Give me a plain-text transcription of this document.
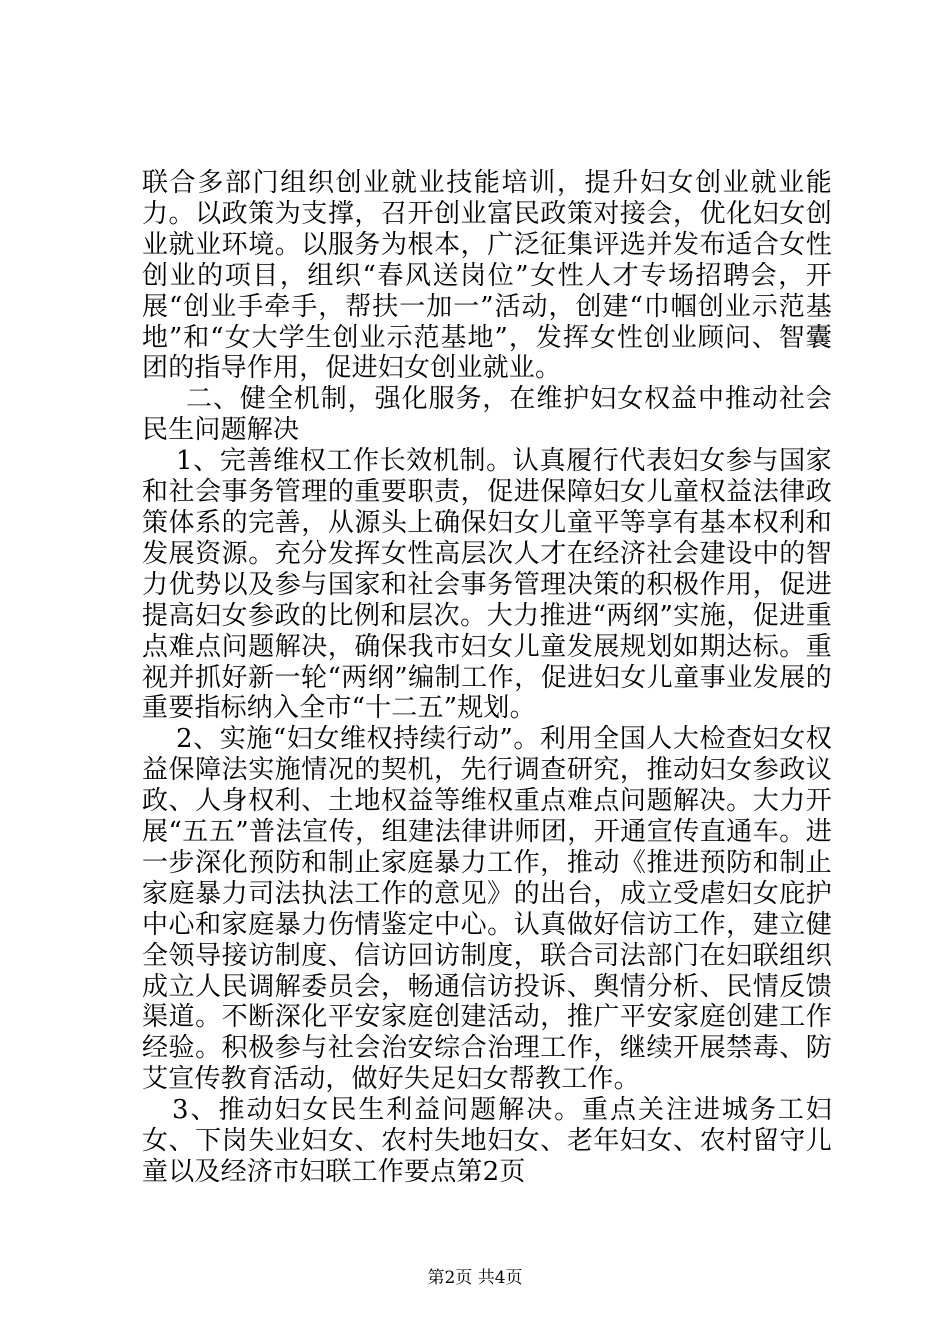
联合多部门组织创业就业技能培训，提升妇女创业就业能力。以政策为支撑，召开创业富民政策对接会，优化妇女创业就业环境。以服务为根本，广泛征集评选并发布适合女性创业的项目，组织“春风送岗位”女性人才专场招聘会，开展“创业手牵手，帮扶一加一”活动，创建“巾帼创业示范基地”和“女大学生创业示范基地”，发挥女性创业顾问、智囊团的指导作用，促进妇女创业就业。

二、健全机制，强化服务，在维护妇女权益中推动社会民生问题解决

1、完善维权工作长效机制。认真履行代表妇女参与国家和社会事务管理的重要职责，促进保障妇女儿童权益法律政策体系的完善，从源头上确保妇女儿童平等享有基本权利和发展资源。充分发挥女性高层次人才在经济社会建设中的智力优势以及参与国家和社会事务管理决策的积极作用，促进提高妇女参政的比例和层次。大力推进“两纲”实施，促进重点难点问题解决，确保我市妇女儿童发展规划如期达标。重视并抓好新一轮“两纲”编制工作，促进妇女儿童事业发展的重要指标纳入全市“十二五”规划。

2、实施“妇女维权持续行动”。利用全国人大检查妇女权益保障法实施情况的契机，先行调查研究，推动妇女参政议政、人身权利、土地权益等维权重点难点问题解决。大力开展“五五”普法宣传，组建法律讲师团，开通宣传直通车。进一步深化预防和制止家庭暴力工作，推动《推进预防和制止家庭暴力司法执法工作的意见》的出台，成立受虐妇女庇护中心和家庭暴力伤情鉴定中心。认真做好信访工作，建立健全领导接访制度、信访回访制度，联合司法部门在妇联组织成立人民调解委员会，畅通信访投诉、舆情分析、民情反馈渠道。不断深化平安家庭创建活动，推广平安家庭创建工作经验。积极参与社会治安综合治理工作，继续开展禁毒、防艾宣传教育活动，做好失足妇女帮教工作。

3、推动妇女民生利益问题解决。重点关注进城务工妇女、下岗失业妇女、农村失地妇女、老年妇女、农村留守儿童以及经济市妇联工作要点第2页

第2页 共4页
